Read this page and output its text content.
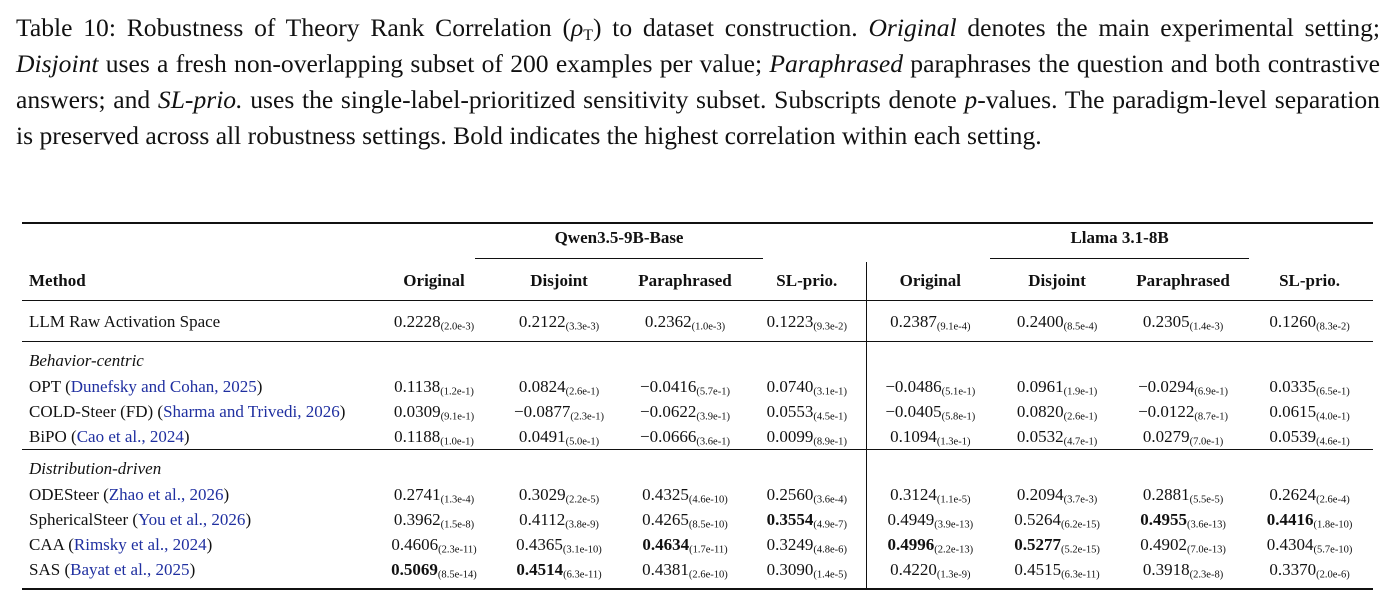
Table 10: Robustness of Theory Rank Correlation $(\rho_T)$ to dataset construction. Original denotes the main experimental setting; Disjoint uses a fresh non-overlapping subset of 200 examples per value; Paraphrased paraphrases the question and both contrastive answers; and SL-prio. uses the single-label-prioritized sensitivity subset. Subscripts denote p-values. The paradigm-level separation is preserved across all robustness settings. Bold indicates the highest correlation within each setting.
	Qwen3.5-9B-Base				Llama 3.1-8B			
Method	Original	Disjoint	Paraphrased	SL-prio.	Original	Disjoint	Paraphrased	SL-prio.
LLM Raw Activation Space	$0.2228_{(2.0e-3)}$	$0.2122_{(3.3e-3)}$	$0.2362_{(1.0e-3)}$	$0.1223_{(9.3e-2)}$	$0.2387_{(9.1e-4)}$	$0.2400_{(8.5e-4)}$	$0.2305_{(1.4e-3)}$	$0.1260_{(8.3e-2)}$
Behavior-centric								
OPT (Dunefsky and Cohan, 2025)	$0.1138_{(1.2e-1)}$	$0.0824_{(2.6e-1)}$	$-0.0416_{(5.7e-1)}$	$0.0740_{(3.1e-1)}$	$-0.0486_{(5.1e-1)}$	$0.0961_{(1.9e-1)}$	$-0.0294_{(6.9e-1)}$	$0.0335_{(6.5e-1)}$
COLD-Steer (FD) (Sharma and Trivedi, 2026)	$0.0309_{(9.1e-1)}$	$-0.0877_{(2.3e-1)}$	$-0.0622_{(3.9e-1)}$	$0.0553_{(4.5e-1)}$	$-0.0405_{(5.8e-1)}$	$0.0820_{(2.6e-1)}$	$-0.0122_{(8.7e-1)}$	$0.0615_{(4.0e-1)}$
BiPO (Cao et al., 2024)	$0.1188_{(1.0e-1)}$	$0.0491_{(5.0e-1)}$	$-0.0666_{(3.6e-1)}$	$0.0099_{(8.9e-1)}$	$0.1094_{(1.3e-1)}$	$0.0532_{(4.7e-1)}$	$0.0279_{(7.0e-1)}$	$0.0539_{(4.6e-1)}$
Distribution-driven								
ODESteer (Zhao et al., 2026)	$0.2741_{(1.3e-4)}$	$0.3029_{(2.2e-5)}$	$0.4325_{(4.6e-10)}$	$0.2560_{(3.6e-4)}$	$0.3124_{(1.1e-5)}$	$0.2094_{(3.7e-3)}$	$0.2881_{(5.5e-5)}$	$0.2624_{(2.6e-4)}$
SphericalSteer (You et al., 2026)	$0.3962_{(1.5e-8)}$	$0.4112_{(3.8e-9)}$	$0.4265_{(8.5e-10)}$	$0.3554_{(4.9e-7)}$	$0.4949_{(3.9e-13)}$	$0.5264_{(6.2e-15)}$	$0.4955_{(3.6e-13)}$	$0.4416_{(1.8e-10)}$
CAA (Rimsky et al., 2024)	$0.4606_{(2.3e-11)}$	$0.4365_{(3.1e-10)}$	$0.4634_{(1.7e-11)}$	$0.3249_{(4.8e-6)}$	$0.4996_{(2.2e-13)}$	$0.5277_{(5.2e-15)}$	$0.4902_{(7.0e-13)}$	$0.4304_{(5.7e-10)}$
SAS (Bayat et al., 2025)	$0.5069_{(8.5e-14)}$	$0.4514_{(6.3e-11)}$	$0.4381_{(2.6e-10)}$	$0.3090_{(1.4e-5)}$	$0.4220_{(1.3e-9)}$	$0.4515_{(6.3e-11)}$	$0.3918_{(2.3e-8)}$	$0.3370_{(2.0e-6)}$
